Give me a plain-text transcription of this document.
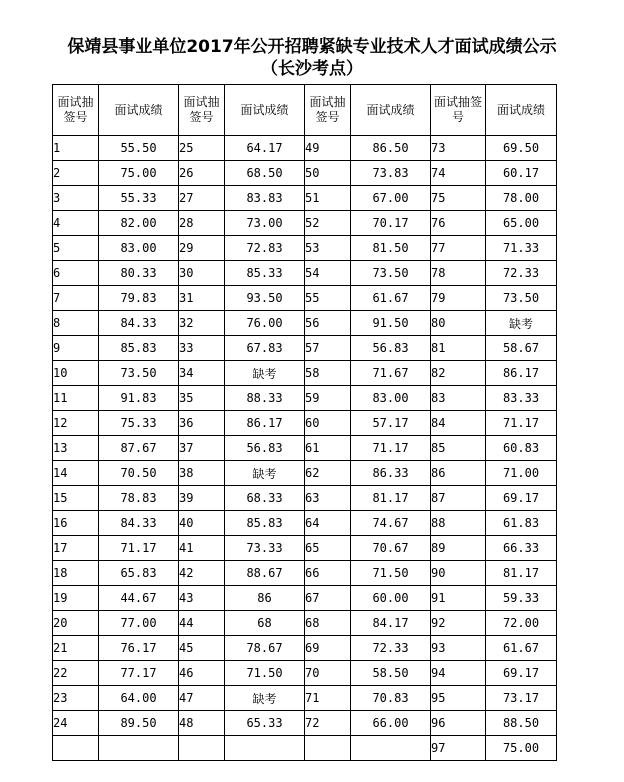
保靖县事业单位2017年公开招聘紧缺专业技术人才面试成绩公示
（长沙考点）
面试抽签号	面试成绩	面试抽签号	面试成绩	面试抽签号	面试成绩	面试抽签号	面试成绩
1	55.50	25	64.17	49	86.50	73	69.50
2	75.00	26	68.50	50	73.83	74	60.17
3	55.33	27	83.83	51	67.00	75	78.00
4	82.00	28	73.00	52	70.17	76	65.00
5	83.00	29	72.83	53	81.50	77	71.33
6	80.33	30	85.33	54	73.50	78	72.33
7	79.83	31	93.50	55	61.67	79	73.50
8	84.33	32	76.00	56	91.50	80	缺考
9	85.83	33	67.83	57	56.83	81	58.67
10	73.50	34	缺考	58	71.67	82	86.17
11	91.83	35	88.33	59	83.00	83	83.33
12	75.33	36	86.17	60	57.17	84	71.17
13	87.67	37	56.83	61	71.17	85	60.83
14	70.50	38	缺考	62	86.33	86	71.00
15	78.83	39	68.33	63	81.17	87	69.17
16	84.33	40	85.83	64	74.67	88	61.83
17	71.17	41	73.33	65	70.67	89	66.33
18	65.83	42	88.67	66	71.50	90	81.17
19	44.67	43	86	67	60.00	91	59.33
20	77.00	44	68	68	84.17	92	72.00
21	76.17	45	78.67	69	72.33	93	61.67
22	77.17	46	71.50	70	58.50	94	69.17
23	64.00	47	缺考	71	70.83	95	73.17
24	89.50	48	65.33	72	66.00	96	88.50
						97	75.00
